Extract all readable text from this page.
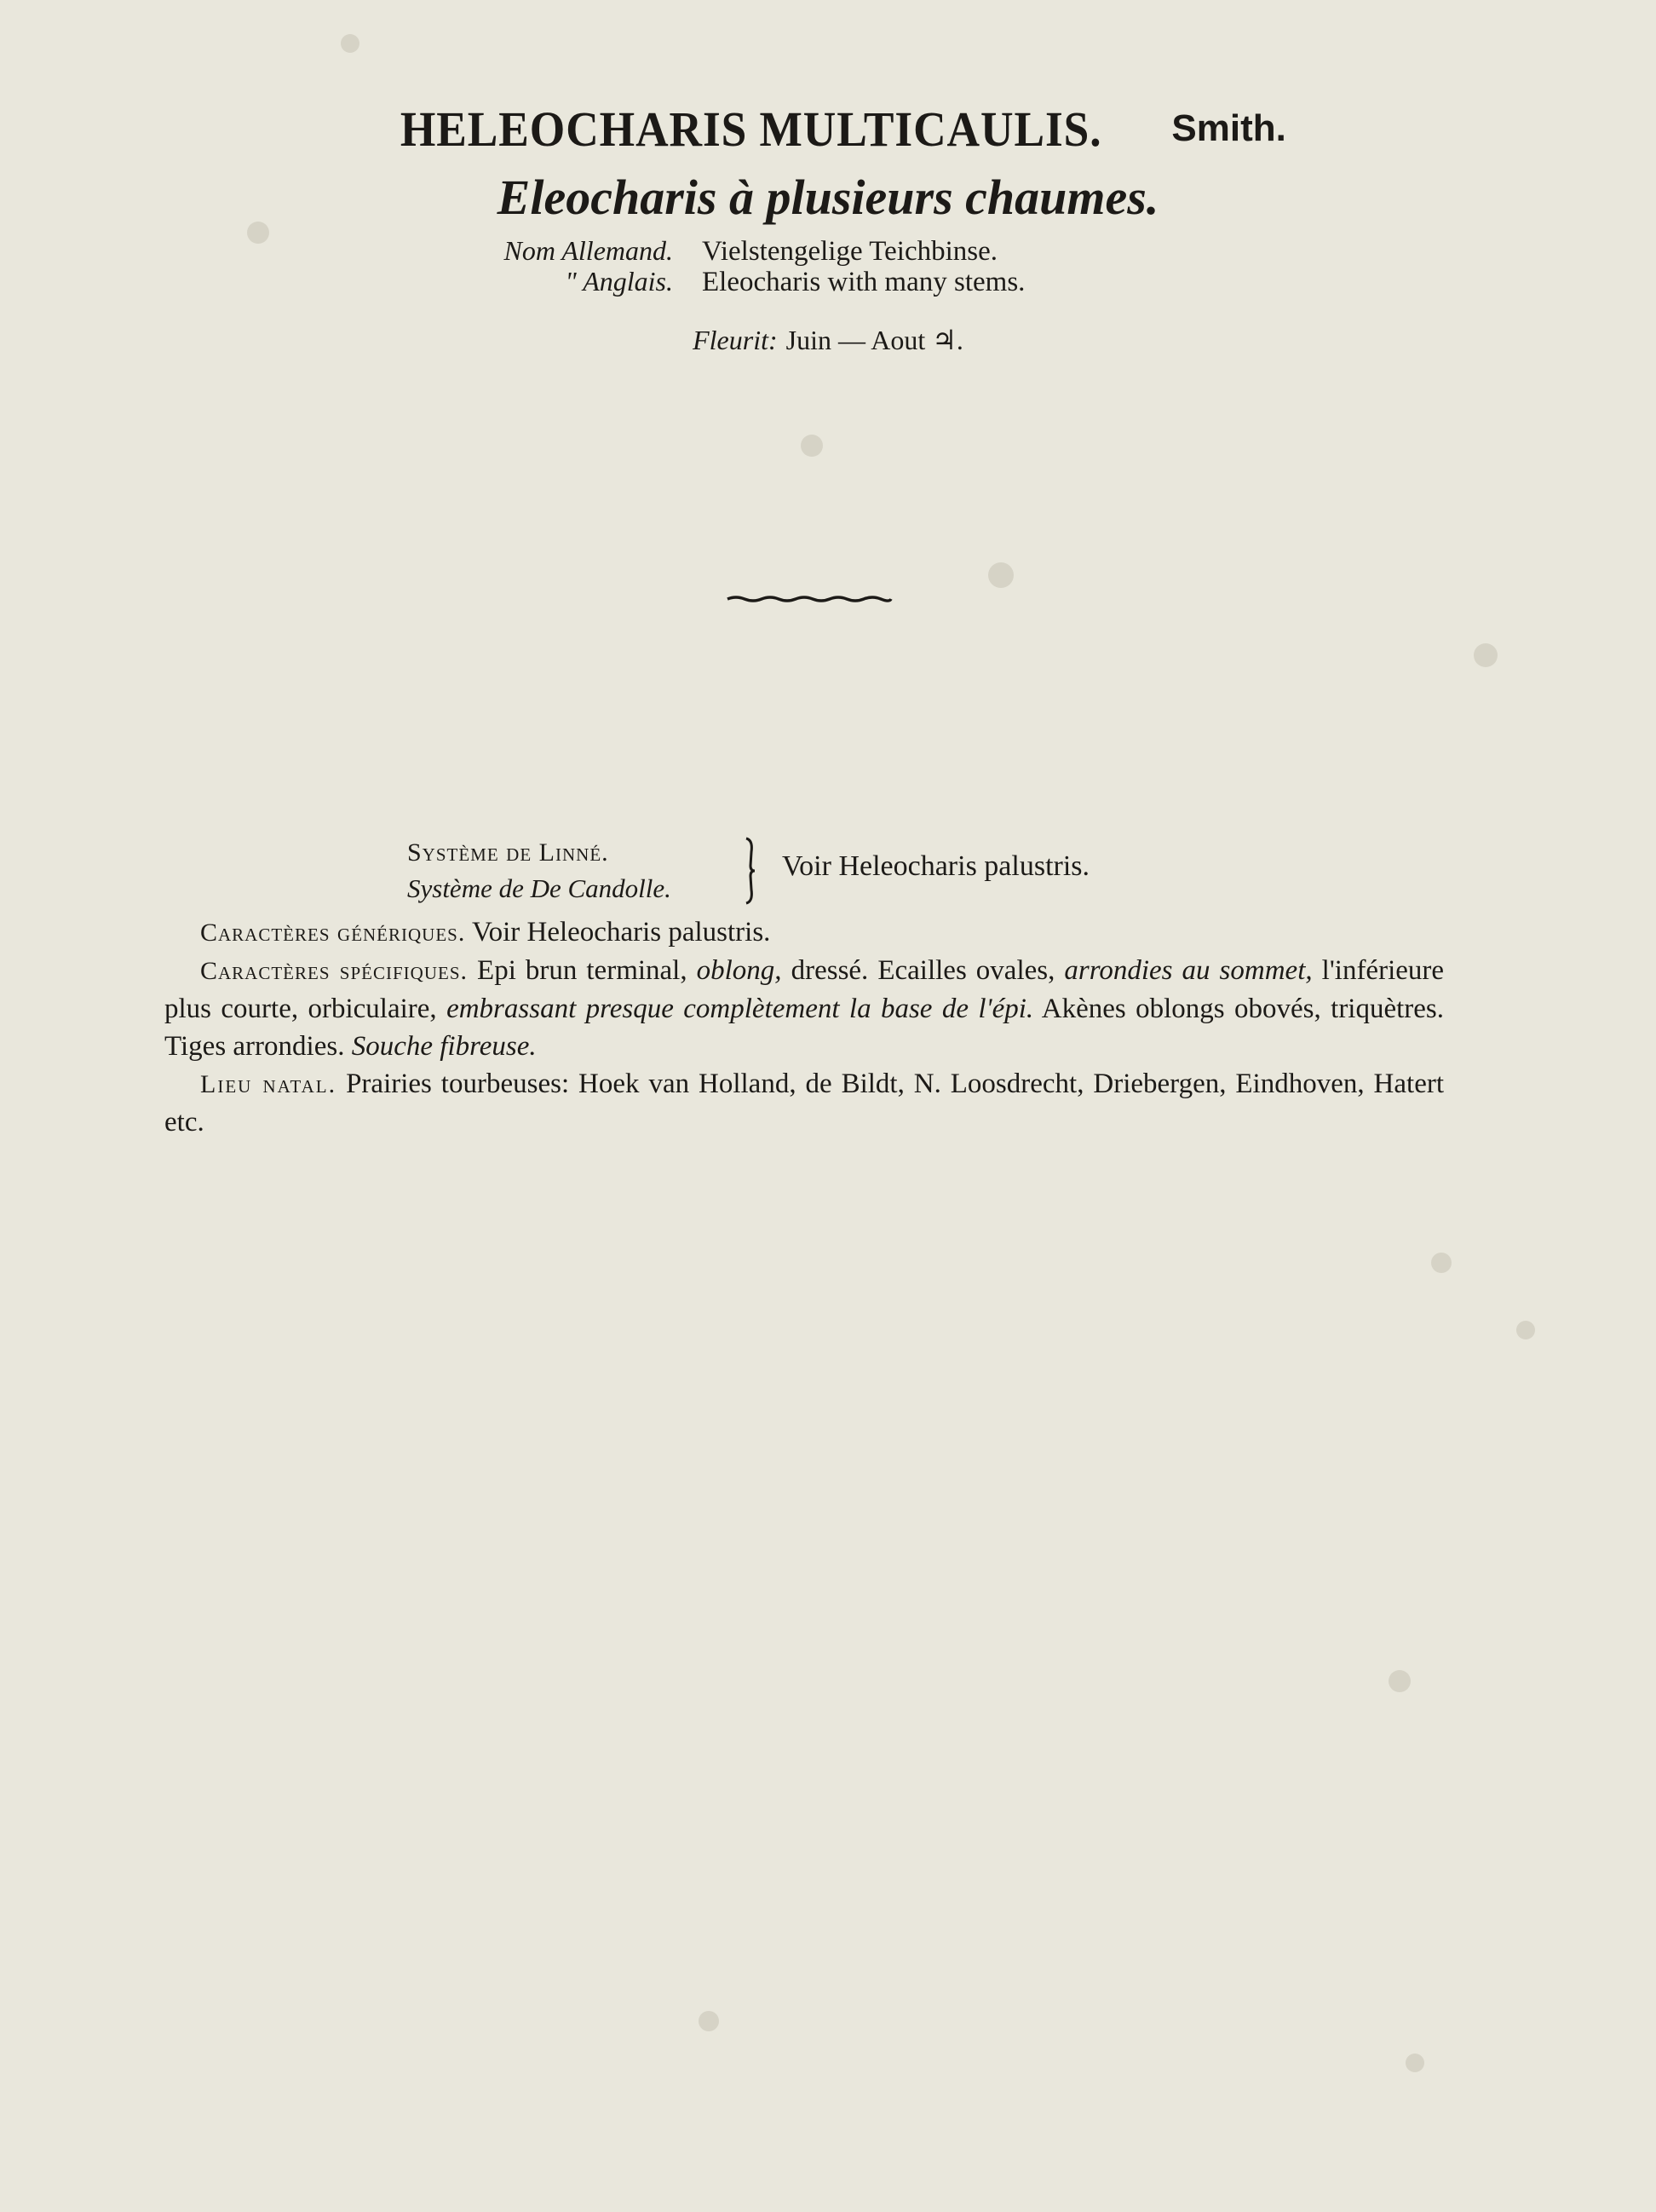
HELEOCHARIS MULTICAULIS. Smith.
Eleocharis à plusieurs chaumes.
Nom Allemand. Vielstengelige Teichbinse.
" Anglais. Eleocharis with many stems.
Fleurit: Juin — Aout ♃.
Système de Linné.
Système de De Candolle.
Voir Heleocharis palustris.

Caractères génériques. Voir Heleocharis palustris.

Caractères spécifiques. Epi brun terminal, oblong, dressé. Ecailles ovales, arrondies au sommet, l'inférieure plus courte, orbiculaire, embrassant presque complètement la base de l'épi. Akènes oblongs obovés, triquètres. Tiges arrondies. Souche fibreuse.

Lieu natal. Prairies tourbeuses: Hoek van Holland, de Bildt, N. Loosdrecht, Driebergen, Eindhoven, Hatert etc.
